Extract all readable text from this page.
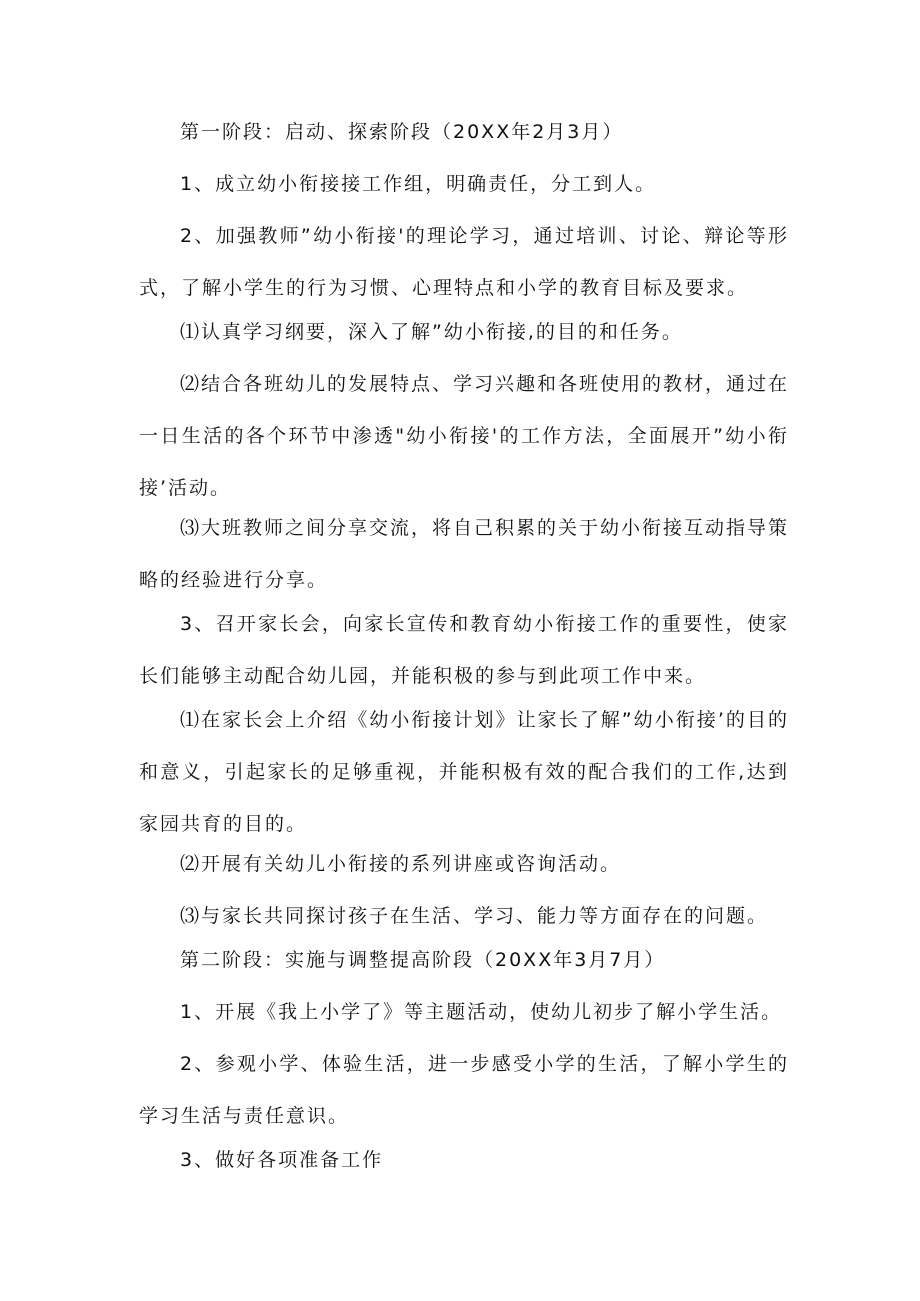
第一阶段：启动、探索阶段（20XX年2月3月）

1、成立幼小衔接接工作组，明确责任，分工到人。

2、加强教师”幼小衔接'的理论学习，通过培训、讨论、辩论等形式，了解小学生的行为习惯、心理特点和小学的教育目标及要求。

⑴认真学习纲要，深入了解”幼小衔接,的目的和任务。

⑵结合各班幼儿的发展特点、学习兴趣和各班使用的教材，通过在一日生活的各个环节中渗透"幼小衔接'的工作方法，全面展开”幼小衔接’活动。

⑶大班教师之间分享交流，将自己积累的关于幼小衔接互动指导策略的经验进行分享。

3、召开家长会，向家长宣传和教育幼小衔接工作的重要性，使家长们能够主动配合幼儿园，并能积极的参与到此项工作中来。

⑴在家长会上介绍《幼小衔接计划》让家长了解”幼小衔接’的目的和意义，引起家长的足够重视，并能积极有效的配合我们的工作,达到家园共育的目的。

⑵开展有关幼儿小衔接的系列讲座或咨询活动。

⑶与家长共同探讨孩子在生活、学习、能力等方面存在的问题。

第二阶段：实施与调整提高阶段（20XX年3月7月）

1、开展《我上小学了》等主题活动，使幼儿初步了解小学生活。

2、参观小学、体验生活，进一步感受小学的生活，了解小学生的学习生活与责任意识。

3、做好各项准备工作
